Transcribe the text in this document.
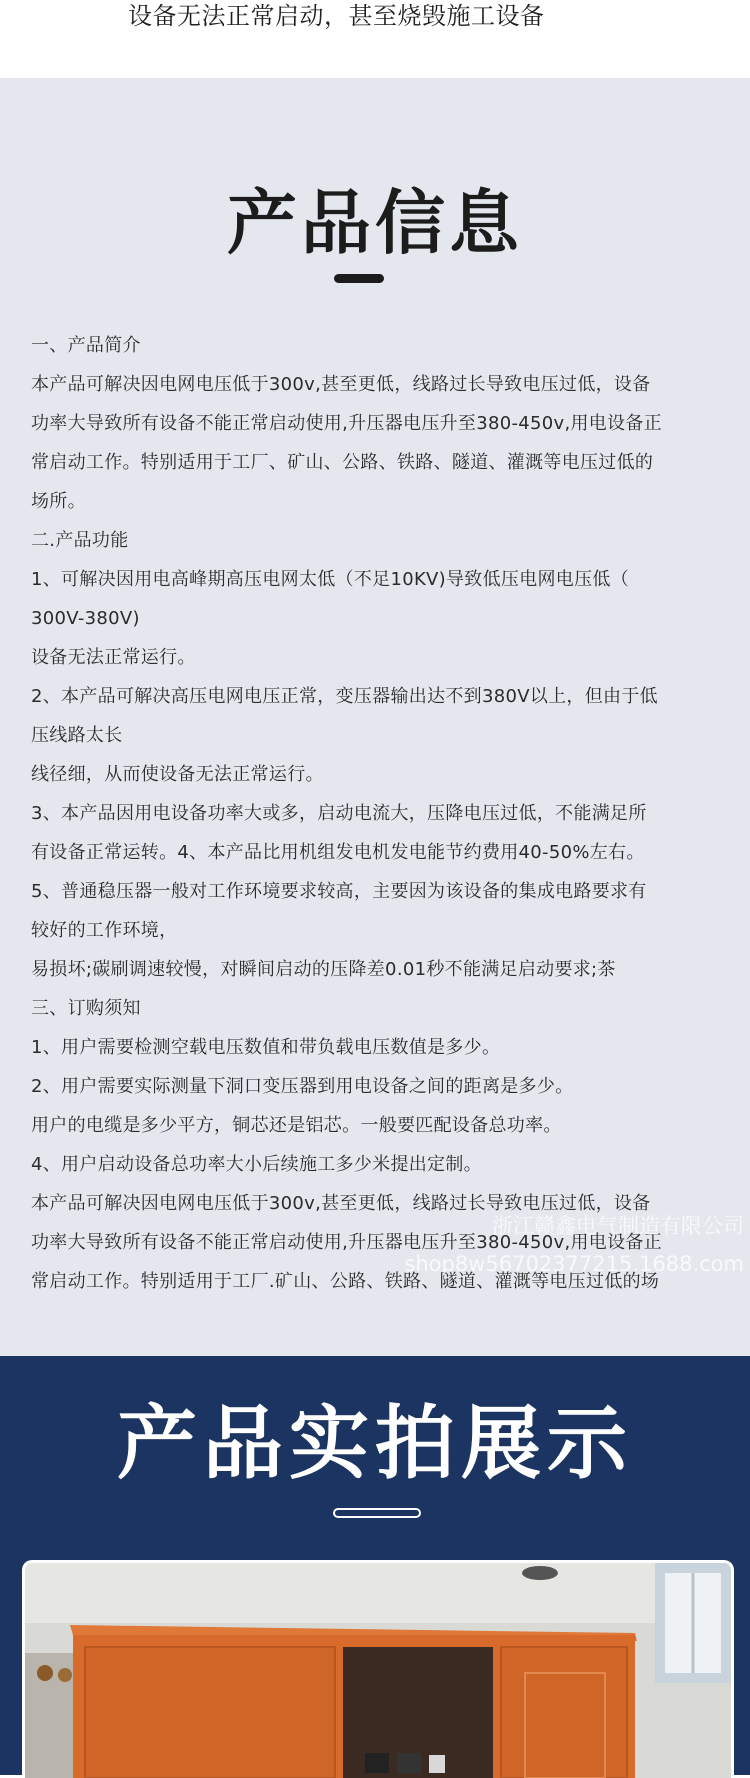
设备无法正常启动，甚至烧毁施工设备
产品信息
一、产品简介
本产品可解决因电网电压低于300v,甚至更低，线路过长导致电压过低，设备
功率大导致所有设备不能正常启动使用,升压器电压升至380-450v,用电设备正
常启动工作。特别适用于工厂、矿山、公路、铁路、隧道、灌溉等电压过低的
场所。
二.产品功能
1、可解决因用电高峰期高压电网太低（不足10KV)导致低压电网电压低（
300V-380V)
设备无法正常运行。
2、本产品可解决高压电网电压正常，变压器输出达不到380V以上，但由于低
压线路太长
线径细，从而使设备无法正常运行。
3、本产品因用电设备功率大或多，启动电流大，压降电压过低，不能满足所
有设备正常运转。4、本产品比用机组发电机发电能节约费用40-50%左右。
5、普通稳压器一般对工作环境要求较高，主要因为该设备的集成电路要求有
较好的工作环境，
易损坏;碳刷调速较慢，对瞬间启动的压降差0.01秒不能满足启动要求;茶
三、订购须知
1、用户需要检测空载电压数值和带负载电压数值是多少。
2、用户需要实际测量下洞口变压器到用电设备之间的距离是多少。
用户的电缆是多少平方，铜芯还是铝芯。一般要匹配设备总功率。
4、用户启动设备总功率大小后续施工多少米提出定制。
本产品可解决因电网电压低于300v,甚至更低，线路过长导致电压过低，设备
功率大导致所有设备不能正常启动使用,升压器电压升至380-450v,用电设备正
常启动工作。特别适用于工厂.矿山、公路、铁路、隧道、灌溉等电压过低的场
浙江赣鑫电气制造有限公司
shop8w56702377215.1688.com
产品实拍展示
